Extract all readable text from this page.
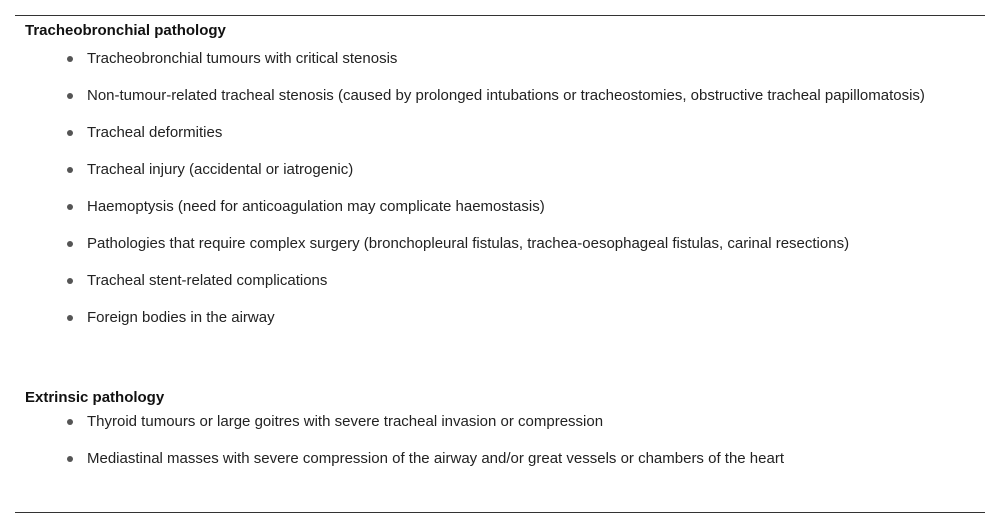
Tracheobronchial pathology

Tracheobronchial tumours with critical stenosis
Non-tumour-related tracheal stenosis (caused by prolonged intubations or tracheostomies, obstructive tracheal papillomatosis)
Tracheal deformities
Tracheal injury (accidental or iatrogenic)
Haemoptysis (need for anticoagulation may complicate haemostasis)
Pathologies that require complex surgery (bronchopleural fistulas, trachea-oesophageal fistulas, carinal resections)
Tracheal stent-related complications
Foreign bodies in the airway

Extrinsic pathology

Thyroid tumours or large goitres with severe tracheal invasion or compression
Mediastinal masses with severe compression of the airway and/or great vessels or chambers of the heart
